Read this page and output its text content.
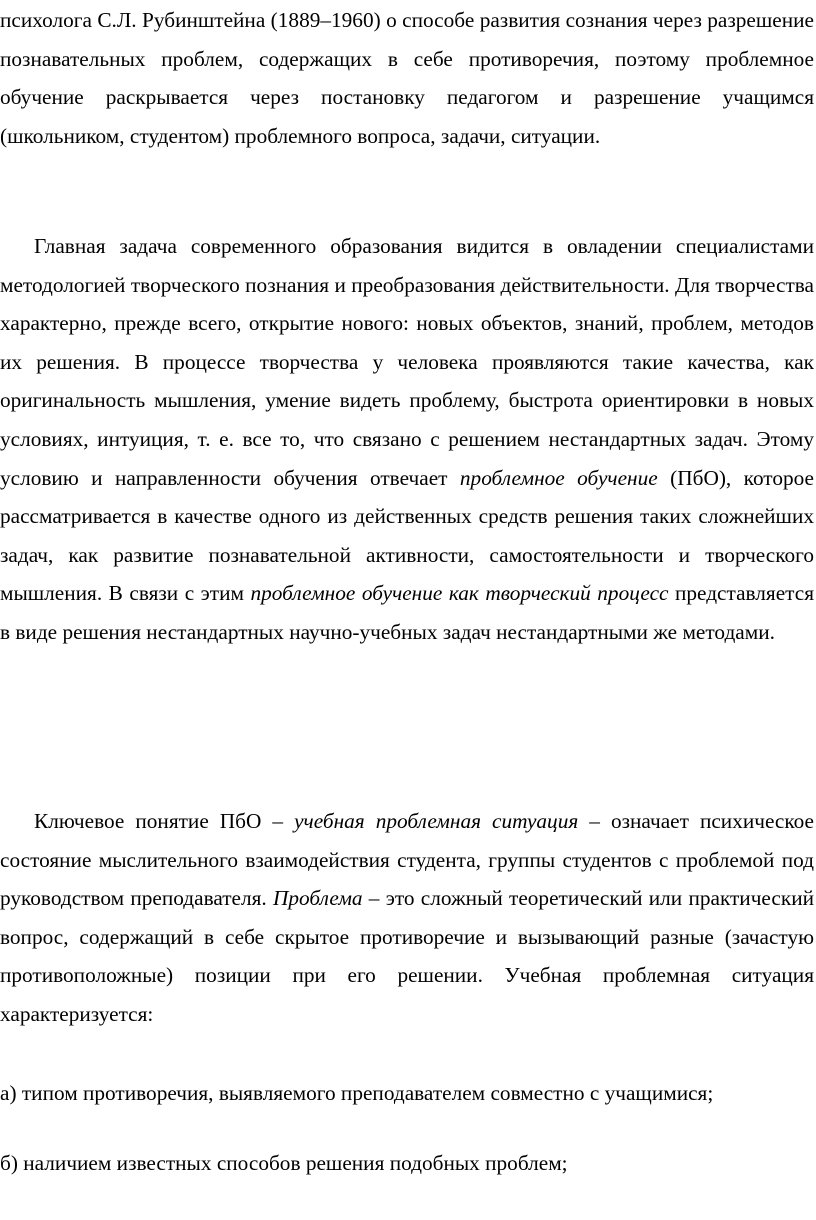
психолога С.Л. Рубинштейна (1889–1960) о способе развития сознания через разрешение познавательных проблем, содержащих в себе противоречия, поэтому проблемное обучение раскрывается через постановку педагогом и разрешение учащимся (школьником, студентом) проблемного вопроса, задачи, ситуации.

Главная задача современного образования видится в овладении специалистами методологией творческого познания и преобразования действительности. Для творчества характерно, прежде всего, открытие нового: новых объектов, знаний, проблем, методов их решения. В процессе творчества у человека проявляются такие качества, как оригинальность мышления, умение видеть проблему, быстрота ориентировки в новых условиях, интуиция, т. е. все то, что связано с решением нестандартных задач. Этому условию и направленности обучения отвечает проблемное обучение (ПбО), которое рассматривается в качестве одного из действенных средств решения таких сложнейших задач, как развитие познавательной активности, самостоятельности и творческого мышления. В связи с этим проблемное обучение как творческий процесс представляется в виде решения нестандартных научно-учебных задач нестандартными же методами.

Ключевое понятие ПбО – учебная проблемная ситуация – означает психическое состояние мыслительного взаимодействия студента, группы студентов с проблемой под руководством преподавателя. Проблема – это сложный теоретический или практический вопрос, содержащий в себе скрытое противоречие и вызывающий разные (зачастую противоположные) позиции при его решении. Учебная проблемная ситуация характеризуется:

а) типом противоречия, выявляемого преподавателем совместно с учащимися;

б) наличием известных способов решения подобных проблем;
